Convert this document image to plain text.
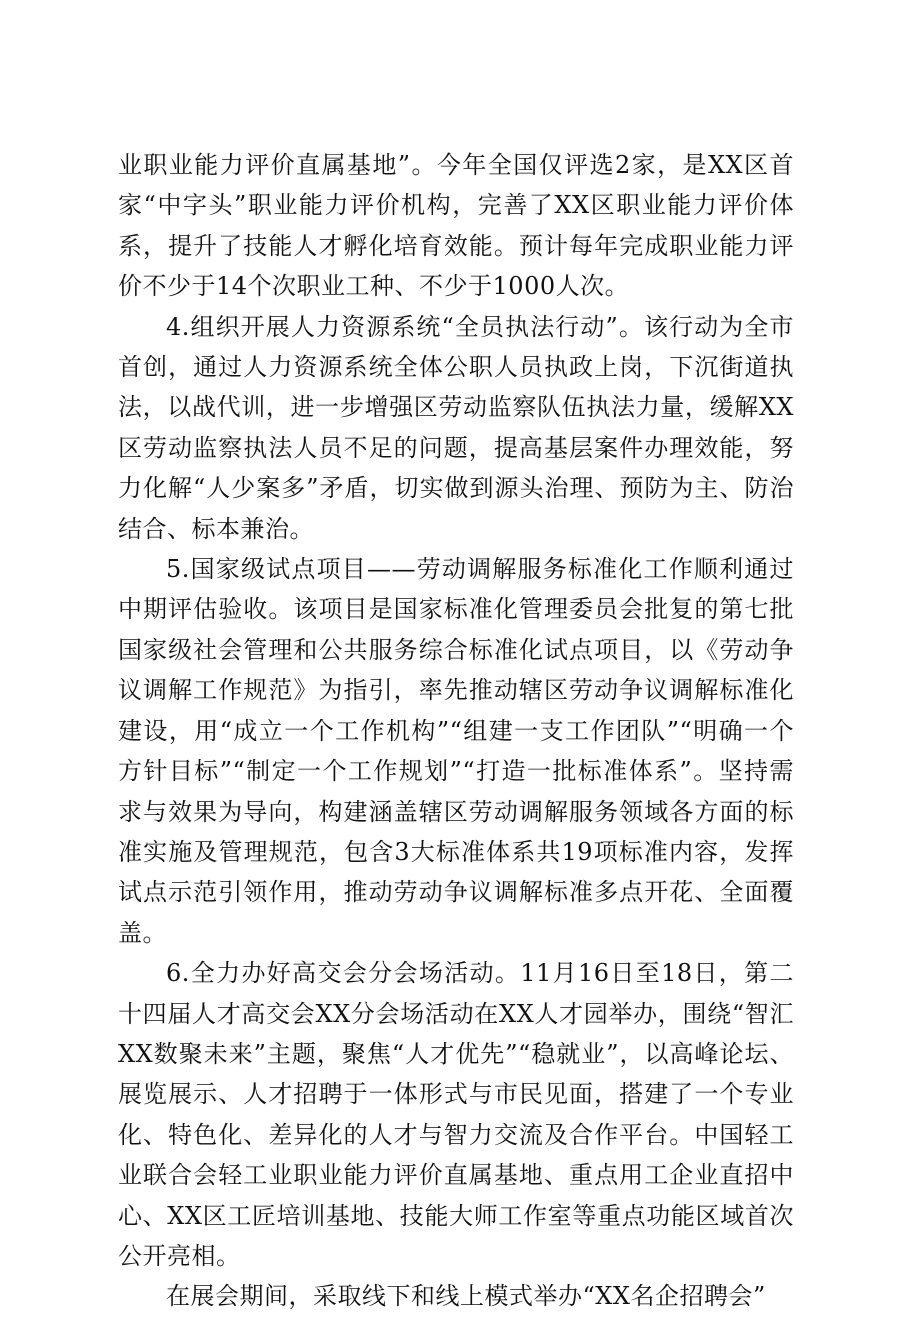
业职业能力评价直属基地”。今年全国仅评选2家，是XX区首家“中字头”职业能力评价机构，完善了XX区职业能力评价体系，提升了技能人才孵化培育效能。预计每年完成职业能力评价不少于14个次职业工种、不少于1000人次。

4.组织开展人力资源系统“全员执法行动”。该行动为全市首创，通过人力资源系统全体公职人员执政上岗，下沉街道执法，以战代训，进一步增强区劳动监察队伍执法力量，缓解XX区劳动监察执法人员不足的问题，提高基层案件办理效能，努力化解“人少案多”矛盾，切实做到源头治理、预防为主、防治结合、标本兼治。

5.国家级试点项目——劳动调解服务标准化工作顺利通过中期评估验收。该项目是国家标准化管理委员会批复的第七批国家级社会管理和公共服务综合标准化试点项目，以《劳动争议调解工作规范》为指引，率先推动辖区劳动争议调解标准化建设，用“成立一个工作机构”“组建一支工作团队”“明确一个方针目标”“制定一个工作规划”“打造一批标准体系”。坚持需求与效果为导向，构建涵盖辖区劳动调解服务领域各方面的标准实施及管理规范，包含3大标准体系共19项标准内容，发挥试点示范引领作用，推动劳动争议调解标准多点开花、全面覆盖。

6.全力办好高交会分会场活动。11月16日至18日，第二十四届人才高交会XX分会场活动在XX人才园举办，围绕“智汇XX数聚未来”主题，聚焦“人才优先”“稳就业”，以高峰论坛、展览展示、人才招聘于一体形式与市民见面，搭建了一个专业化、特色化、差异化的人才与智力交流及合作平台。中国轻工业联合会轻工业职业能力评价直属基地、重点用工企业直招中心、XX区工匠培训基地、技能大师工作室等重点功能区域首次公开亮相。

在展会期间，采取线下和线上模式举办“XX名企招聘会”
